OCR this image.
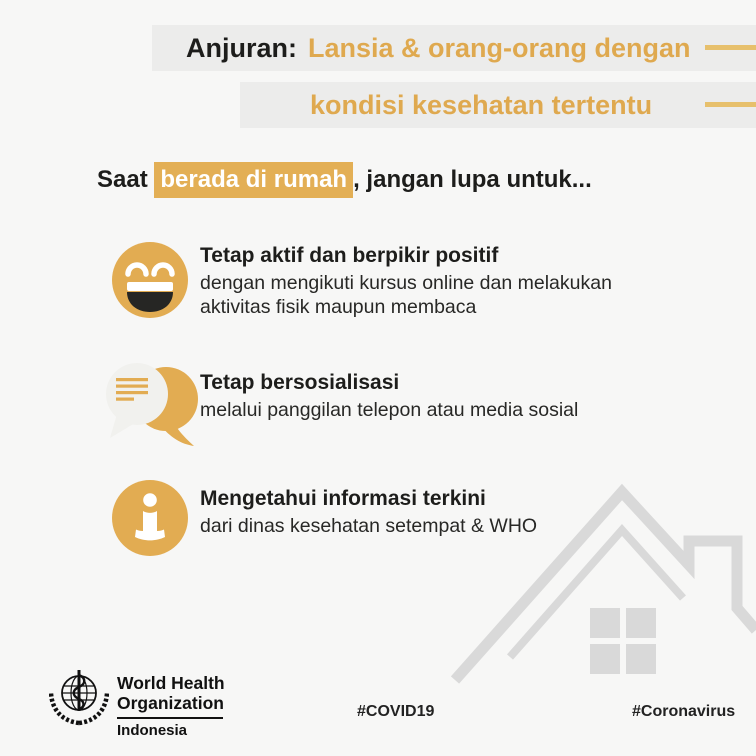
Anjuran: Lansia & orang-orang dengan
kondisi kesehatan tertentu

Saat berada di rumah , jangan lupa untuk...

Tetap aktif dan berpikir positif

dengan mengikuti kursus online dan melakukan aktivitas fisik maupun membaca

Tetap bersosialisasi

melalui panggilan telepon atau media sosial

Mengetahui informasi terkini

dari dinas kesehatan setempat & WHO

World Health
Organization
Indonesia
#COVID19	#Coronavirus
